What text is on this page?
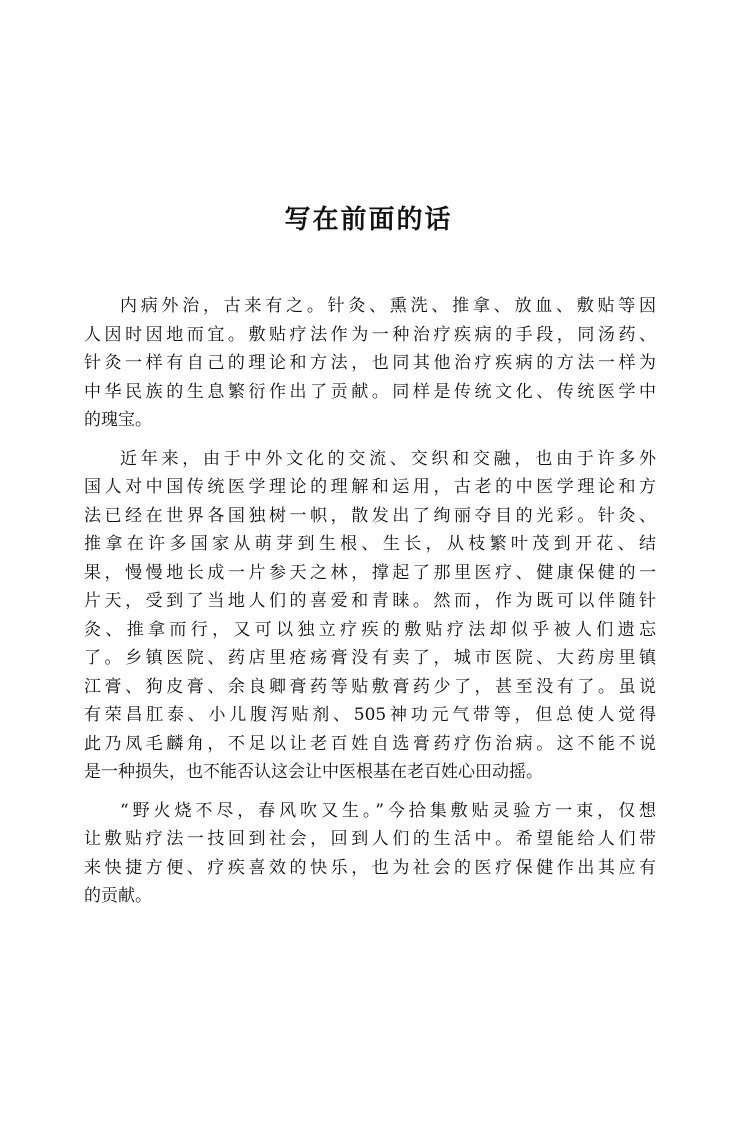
写在前面的话
内病外治，古来有之。针灸、熏洗、推拿、放血、敷贴等因
人因时因地而宜。敷贴疗法作为一种治疗疾病的手段，同汤药、
针灸一样有自己的理论和方法，也同其他治疗疾病的方法一样为
中华民族的生息繁衍作出了贡献。同样是传统文化、传统医学中
的瑰宝。
近年来，由于中外文化的交流、交织和交融，也由于许多外
国人对中国传统医学理论的理解和运用，古老的中医学理论和方
法已经在世界各国独树一帜，散发出了绚丽夺目的光彩。针灸、
推拿在许多国家从萌芽到生根、生长，从枝繁叶茂到开花、结
果，慢慢地长成一片参天之林，撑起了那里医疗、健康保健的一
片天，受到了当地人们的喜爱和青睐。然而，作为既可以伴随针
灸、推拿而行，又可以独立疗疾的敷贴疗法却似乎被人们遗忘
了。乡镇医院、药店里疮疡膏没有卖了，城市医院、大药房里镇
江膏、狗皮膏、余良卿膏药等贴敷膏药少了，甚至没有了。虽说
有荣昌肛泰、小儿腹泻贴剂、505神功元气带等，但总使人觉得
此乃凤毛麟角，不足以让老百姓自选膏药疗伤治病。这不能不说
是一种损失，也不能否认这会让中医根基在老百姓心田动摇。
“野火烧不尽，春风吹又生。”今拾集敷贴灵验方一束，仅想
让敷贴疗法一技回到社会，回到人们的生活中。希望能给人们带
来快捷方便、疗疾喜效的快乐，也为社会的医疗保健作出其应有
的贡献。
